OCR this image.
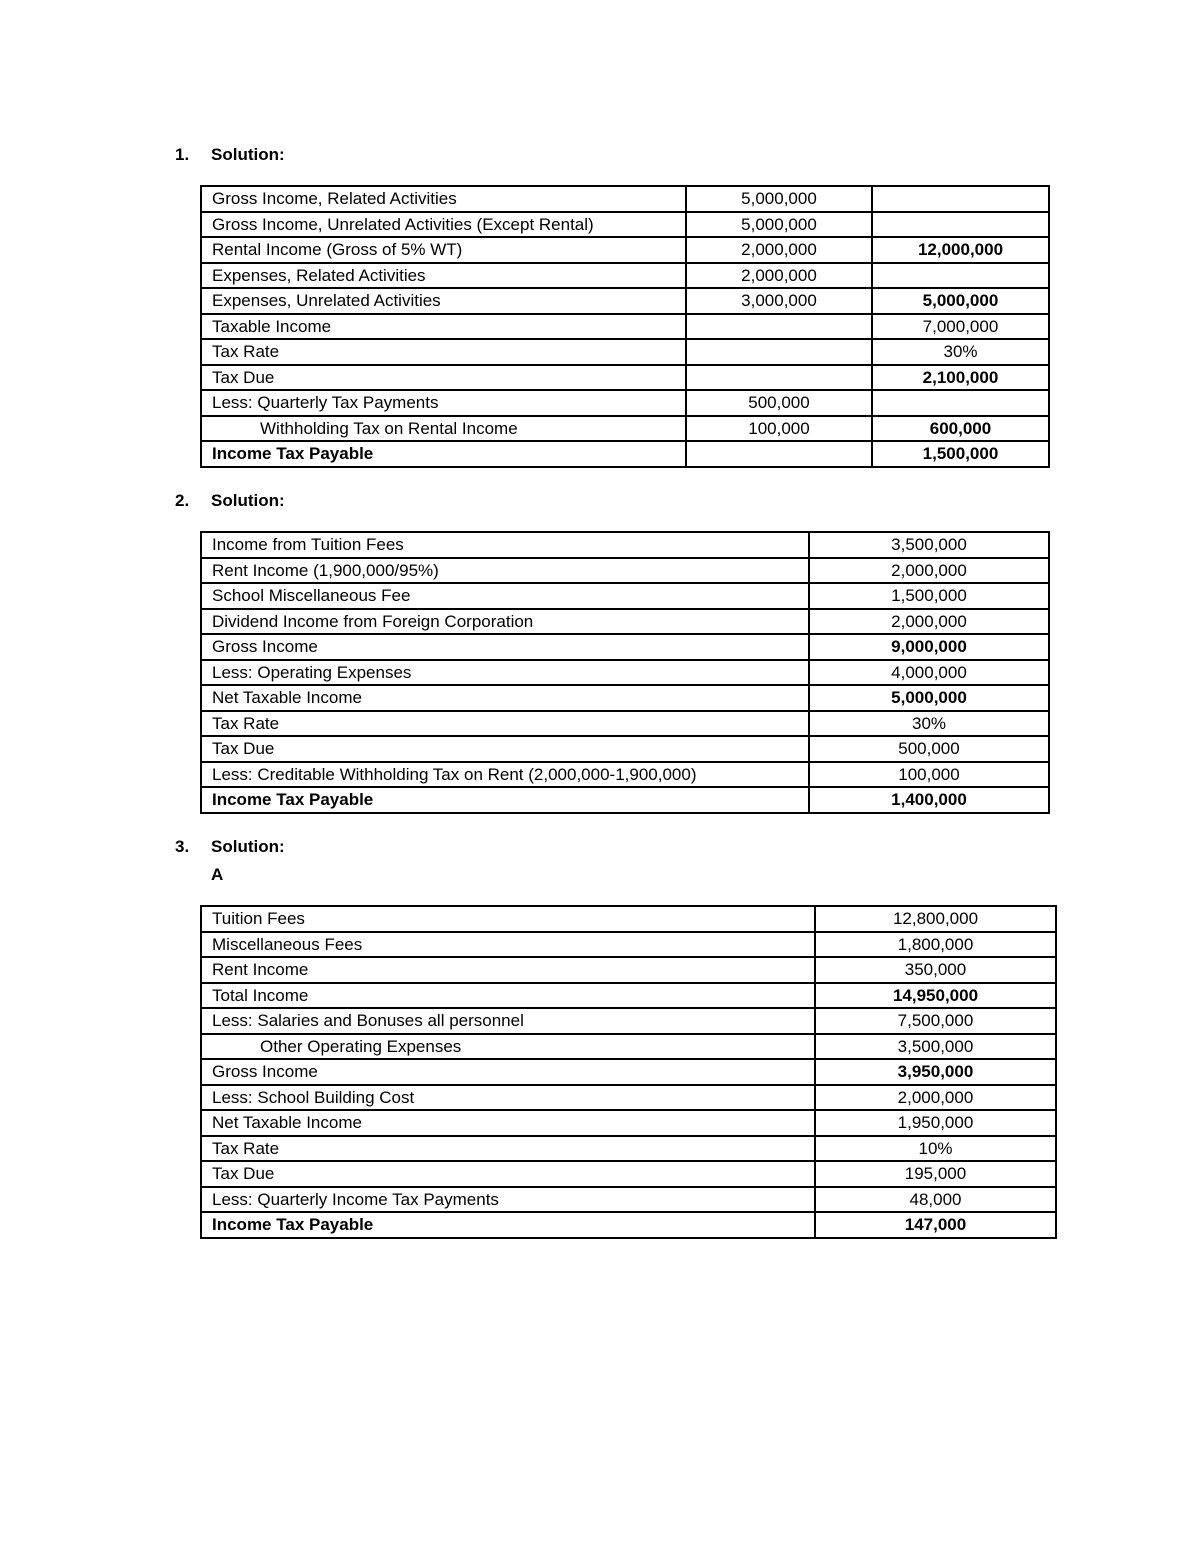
1. Solution:
Gross Income, Related Activities	5,000,000	
Gross Income, Unrelated Activities (Except Rental)	5,000,000	
Rental Income (Gross of 5% WT)	2,000,000	12,000,000
Expenses, Related Activities	2,000,000	
Expenses, Unrelated Activities	3,000,000	5,000,000
Taxable Income		7,000,000
Tax Rate		30%
Tax Due		2,100,000
Less: Quarterly Tax Payments	500,000	
Withholding Tax on Rental Income	100,000	600,000
Income Tax Payable		1,500,000
2. Solution:
Income from Tuition Fees	3,500,000
Rent Income (1,900,000/95%)	2,000,000
School Miscellaneous Fee	1,500,000
Dividend Income from Foreign Corporation	2,000,000
Gross Income	9,000,000
Less: Operating Expenses	4,000,000
Net Taxable Income	5,000,000
Tax Rate	30%
Tax Due	500,000
Less: Creditable Withholding Tax on Rent (2,000,000-1,900,000)	100,000
Income Tax Payable	1,400,000
3. Solution:
A
Tuition Fees	12,800,000
Miscellaneous Fees	1,800,000
Rent Income	350,000
Total Income	14,950,000
Less: Salaries and Bonuses all personnel	7,500,000
Other Operating Expenses	3,500,000
Gross Income	3,950,000
Less: School Building Cost	2,000,000
Net Taxable Income	1,950,000
Tax Rate	10%
Tax Due	195,000
Less: Quarterly Income Tax Payments	48,000
Income Tax Payable	147,000
